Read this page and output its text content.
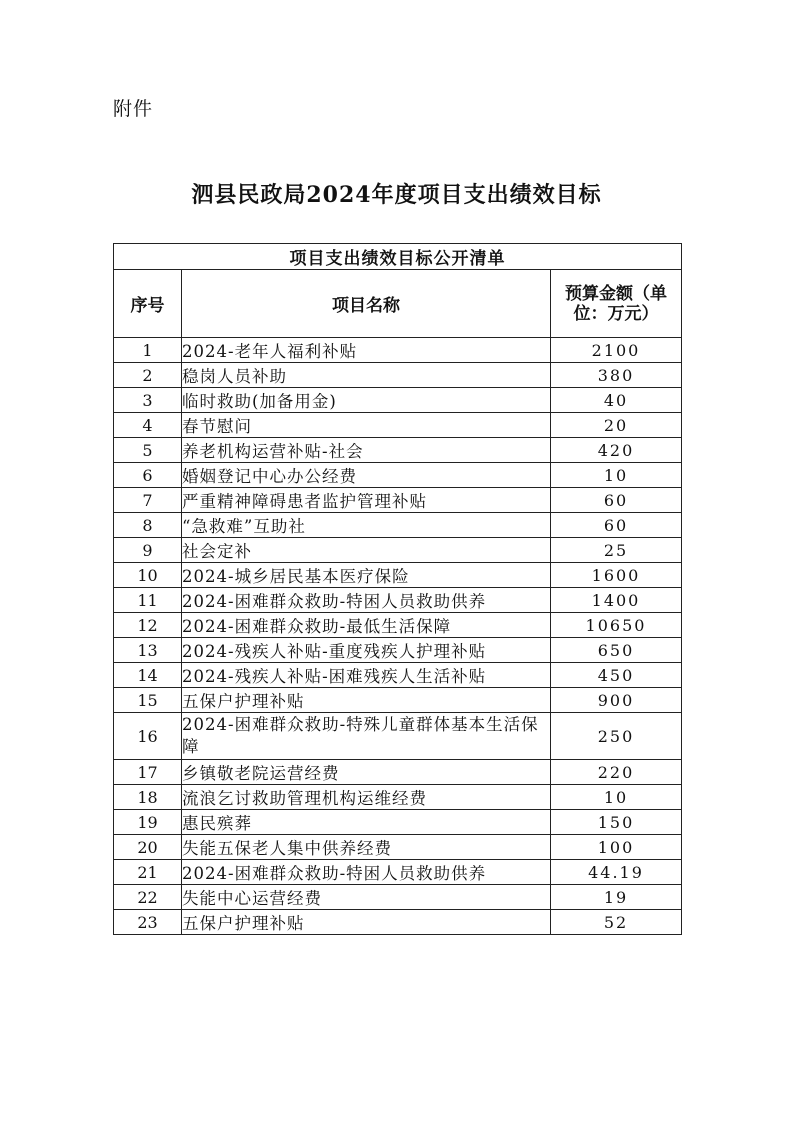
附件
泗县民政局2024年度项目支出绩效目标
项目支出绩效目标公开清单		
序号	项目名称	预算金额（单位：万元）
1	2024-老年人福利补贴	2100
2	稳岗人员补助	380
3	临时救助(加备用金)	40
4	春节慰问	20
5	养老机构运营补贴-社会	420
6	婚姻登记中心办公经费	10
7	严重精神障碍患者监护管理补贴	60
8	“急救难”互助社	60
9	社会定补	25
10	2024-城乡居民基本医疗保险	1600
11	2024-困难群众救助-特困人员救助供养	1400
12	2024-困难群众救助-最低生活保障	10650
13	2024-残疾人补贴-重度残疾人护理补贴	650
14	2024-残疾人补贴-困难残疾人生活补贴	450
15	五保户护理补贴	900
16	2024-困难群众救助-特殊儿童群体基本生活保障	250
17	乡镇敬老院运营经费	220
18	流浪乞讨救助管理机构运维经费	10
19	惠民殡葬	150
20	失能五保老人集中供养经费	100
21	2024-困难群众救助-特困人员救助供养	44.19
22	失能中心运营经费	19
23	五保户护理补贴	52
